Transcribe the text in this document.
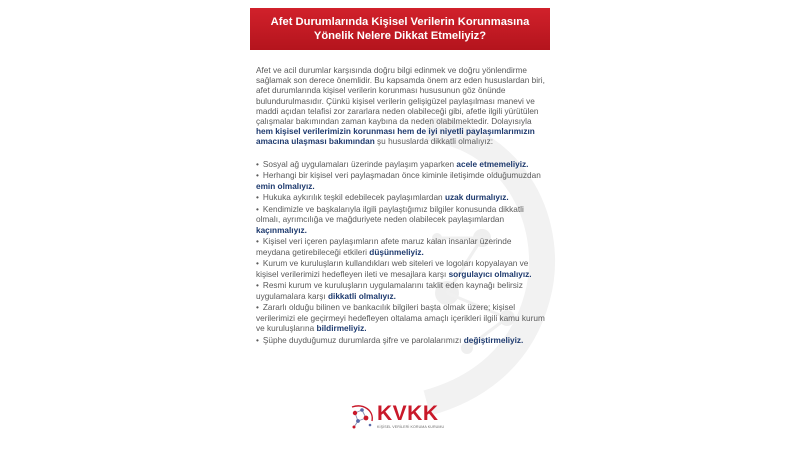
Afet Durumlarında Kişisel Verilerin Korunmasına
Yönelik Nelere Dikkat Etmeliyiz?

Afet ve acil durumlar karşısında doğru bilgi edinmek ve doğru yönlendirme sağlamak son derece önemlidir. Bu kapsamda önem arz eden hususlardan biri, afet durumlarında kişisel verilerin korunması hususunun göz önünde bulundurulmasıdır. Çünkü kişisel verilerin gelişigüzel paylaşılması manevi ve maddi açıdan telafisi zor zararlara neden olabileceği gibi, afetle ilgili yürütülen çalışmalar bakımından zaman kaybına da neden olabilmektedir. Dolayısıyla hem kişisel verilerimizin korunması hem de iyi niyetli paylaşımlarımızın amacına ulaşması bakımından şu hususlarda dikkatli olmalıyız:

• Sosyal ağ uygulamaları üzerinde paylaşım yaparken acele etmemeliyiz.
• Herhangi bir kişisel veri paylaşmadan önce kiminle iletişimde olduğumuzdan emin olmalıyız.
• Hukuka aykırılık teşkil edebilecek paylaşımlardan uzak durmalıyız.
• Kendimizle ve başkalarıyla ilgili paylaştığımız bilgiler konusunda dikkatli olmalı, ayrımcılığa ve mağduriyete neden olabilecek paylaşımlardan kaçınmalıyız.
• Kişisel veri içeren paylaşımların afete maruz kalan insanlar üzerinde meydana getirebileceği etkileri düşünmeliyiz.
• Kurum ve kuruluşların kullandıkları web siteleri ve logoları kopyalayan ve kişisel verilerimizi hedefleyen ileti ve mesajlara karşı sorgulayıcı olmalıyız.
• Resmi kurum ve kuruluşların uygulamalarını taklit eden kaynağı belirsiz uygulamalara karşı dikkatli olmalıyız.
• Zararlı olduğu bilinen ve bankacılık bilgileri başta olmak üzere; kişisel verilerimizi ele geçirmeyi hedefleyen oltalama amaçlı içerikleri ilgili kamu kurum ve kuruluşlarına bildirmeliyiz.
• Şüphe duyduğumuz durumlarda şifre ve parolalarımızı değiştirmeliyiz.
KVKK
KİŞİSEL VERİLERİ KORUMA KURUMU
